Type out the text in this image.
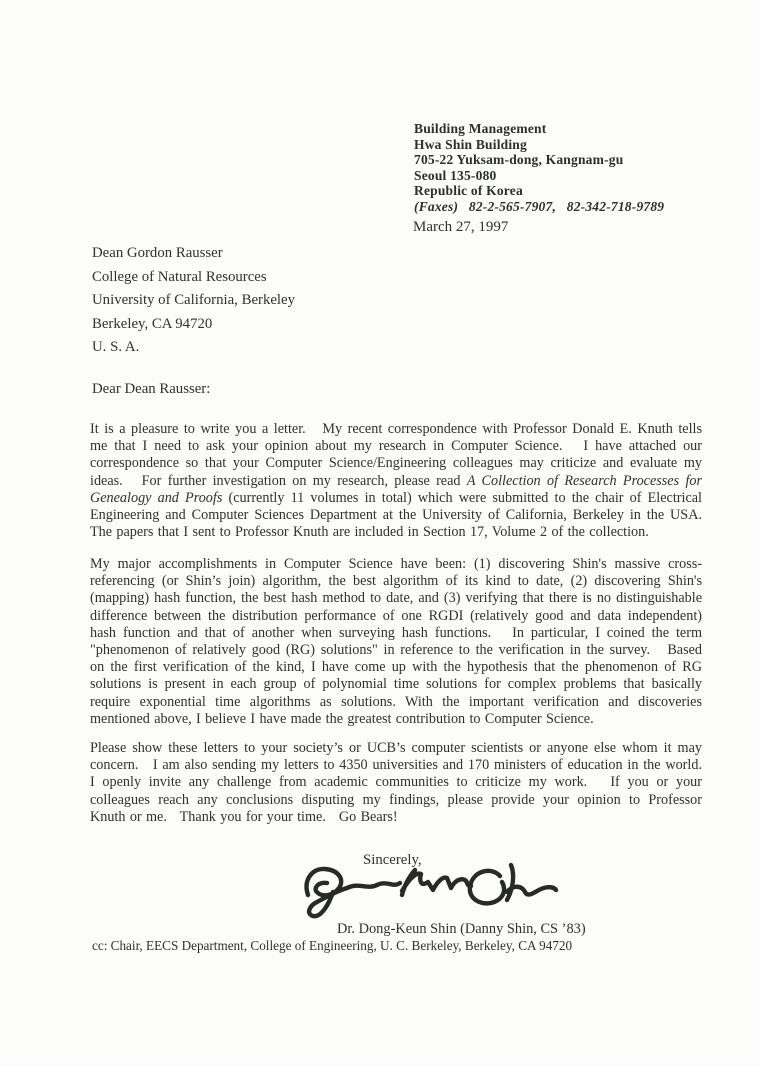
Building Management
Hwa Shin Building
705-22 Yuksam-dong, Kangnam-gu
Seoul 135-080
Republic of Korea
(Faxes)   82-2-565-7907,   82-342-718-9789
March 27, 1997
Dean Gordon Rausser
College of Natural Resources
University of California, Berkeley
Berkeley, CA 94720
U. S. A.
Dear Dean Rausser:
It is a pleasure to write you a letter.   My recent correspondence with Professor Donald E. Knuth tells
me that I need to ask your opinion about my research in Computer Science.   I have attached our
correspondence so that your Computer Science/Engineering colleagues may criticize and evaluate my
ideas.   For further investigation on my research, please read A Collection of Research Processes for
Genealogy and Proofs (currently 11 volumes in total) which were submitted to the chair of Electrical
Engineering and Computer Sciences Department at the University of California, Berkeley in the USA.
The papers that I sent to Professor Knuth are included in Section 17, Volume 2 of the collection.
My major accomplishments in Computer Science have been: (1) discovering Shin's massive cross-
referencing (or Shin’s join) algorithm, the best algorithm of its kind to date, (2) discovering Shin's
(mapping) hash function, the best hash method to date, and (3) verifying that there is no distinguishable
difference between the distribution performance of one RGDI (relatively good and data independent)
hash function and that of another when surveying hash functions.   In particular, I coined the term
"phenomenon of relatively good (RG) solutions" in reference to the verification in the survey.   Based
on the first verification of the kind, I have come up with the hypothesis that the phenomenon of RG
solutions is present in each group of polynomial time solutions for complex problems that basically
require exponential time algorithms as solutions. With the important verification and discoveries
mentioned above, I believe I have made the greatest contribution to Computer Science.
Please show these letters to your society’s or UCB’s computer scientists or anyone else whom it may
concern.   I am also sending my letters to 4350 universities and 170 ministers of education in the world.
I openly invite any challenge from academic communities to criticize my work.   If you or your
colleagues reach any conclusions disputing my findings, please provide your opinion to Professor
Knuth or me.   Thank you for your time.   Go Bears!
Sincerely,
Dr. Dong-Keun Shin (Danny Shin, CS ’83)
cc: Chair, EECS Department, College of Engineering, U. C. Berkeley, Berkeley, CA 94720
